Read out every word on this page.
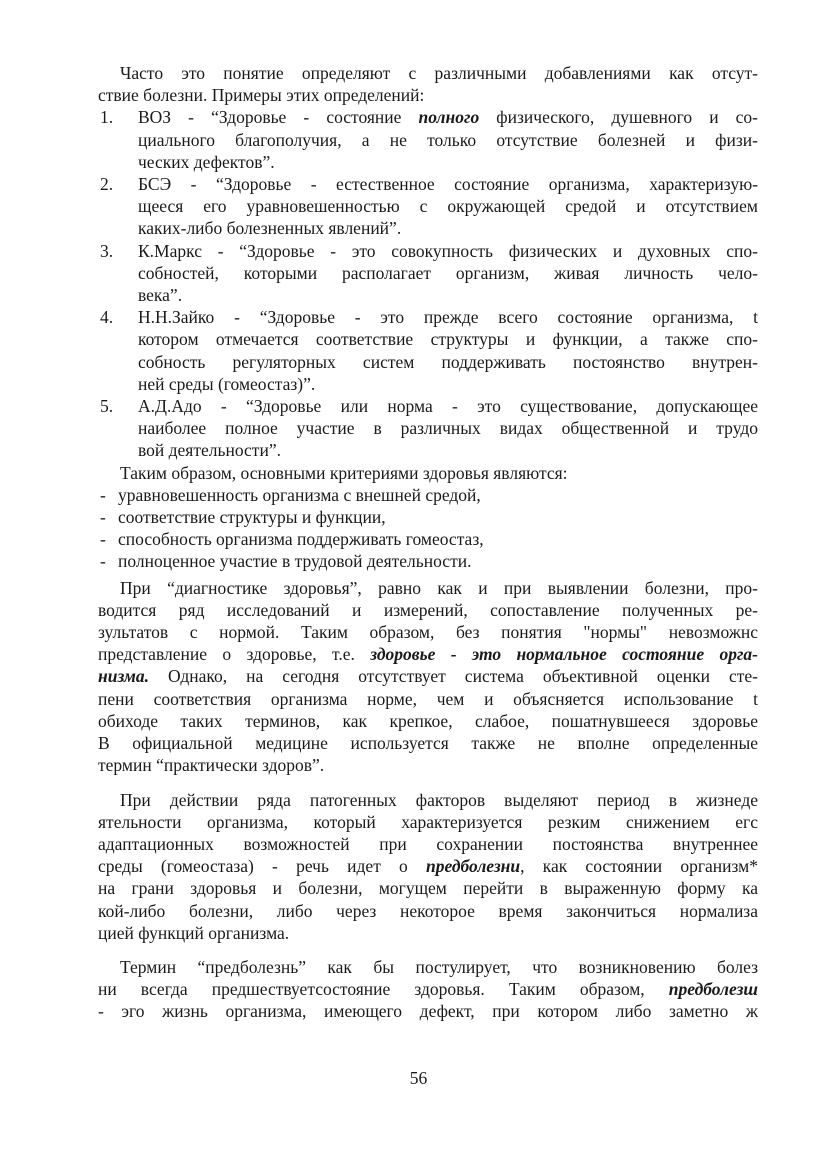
Часто это понятие определяют с различными добавлениями как отсут-
ствие болезни. Примеры этих определений:
1.	ВОЗ - “Здоровье - состояние полного физического, душевного и со-
циального благополучия, а не только отсутствие болезней и физи-
ческих дефектов”.
2.	БСЭ - “Здоровье - естественное состояние организма, характеризую-
щееся его уравновешенностью с окружающей средой и отсутствием
каких-либо болезненных явлений”.
3.	К.Маркс - “Здоровье - это совокупность физических и духовных спо-
собностей, которыми располагает организм, живая личность чело-
века”.
4.	Н.Н.Зайко - “Здоровье - это прежде всего состояние организма, t
котором отмечается соответствие структуры и функции, а также спо-
собность регуляторных систем поддерживать постоянство внутрен-
ней среды (гомеостаз)”.
5.	А.Д.Адо - “Здоровье или норма - это существование, допускающее
наиболее полное участие в различных видах общественной и трудо
вой деятельности”.
Таким образом, основными критериями здоровья являются:
- уравновешенность организма с внешней средой,
- соответствие структуры и функции,
- способность организма поддерживать гомеостаз,
- полноценное участие в трудовой деятельности.
При “диагностике здоровья”, равно как и при выявлении болезни, про-
водится ряд исследований и измерений, сопоставление полученных ре-
зультатов с нормой. Таким образом, без понятия "нормы" невозможнс
представление о здоровье, т.е. здоровье - это нормальное состояние орга-
низма. Однако, на сегодня отсутствует система объективной оценки сте-
пени соответствия организма норме, чем и объясняется использование t
обиходе таких терминов, как крепкое, слабое, пошатнувшееся здоровье
В официальной медицине используется также не вполне определенные
термин “практически здоров”.
При действии ряда патогенных факторов выделяют период в жизнеде
ятельности организма, который характеризуется резким снижением егс
адаптационных возможностей при сохранении постоянства внутреннее
среды (гомеостаза) - речь идет о предболезни, как состоянии организм*
на грани здоровья и болезни, могущем перейти в выраженную форму ка
кой-либо болезни, либо через некоторое время закончиться нормализа
цией функций организма.
Термин “предболезнь” как бы постулирует, что возникновению болез
ни всегда предшествуетсостояние здоровья. Таким образом, предболезш
- эго жизнь организма, имеющего дефект, при котором либо заметно ж
56
